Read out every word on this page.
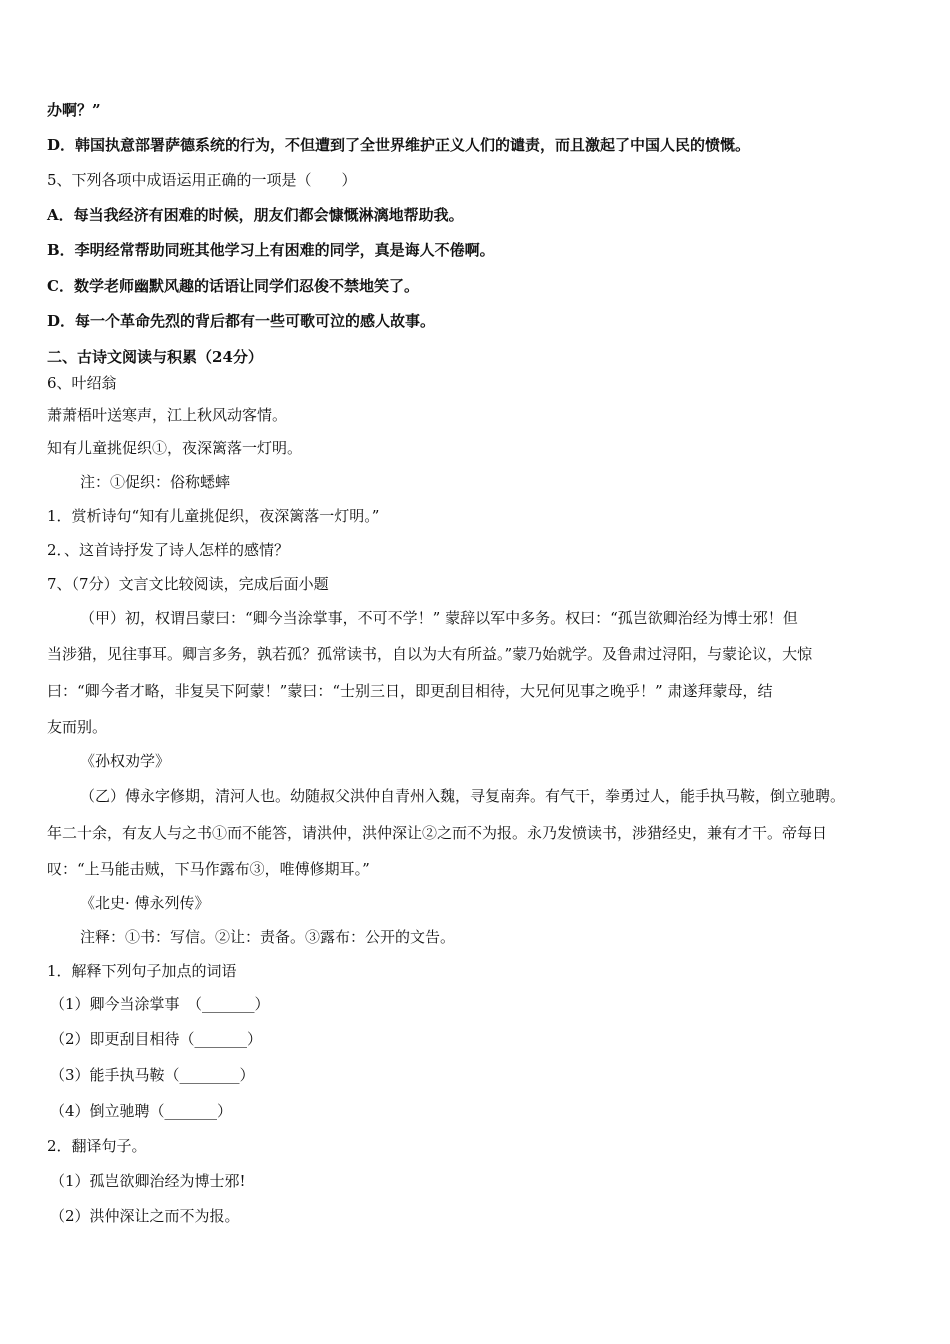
办啊？”
D．韩国执意部署萨德系统的行为，不但遭到了全世界维护正义人们的谴责，而且激起了中国人民的愤慨。
5、下列各项中成语运用正确的一项是（　　）
A．每当我经济有困难的时候，朋友们都会慷慨淋漓地帮助我。
B．李明经常帮助同班其他学习上有困难的同学，真是诲人不倦啊。
C．数学老师幽默风趣的话语让同学们忍俊不禁地笑了。
D．每一个革命先烈的背后都有一些可歌可泣的感人故事。
二、古诗文阅读与积累（24分）
6、叶绍翁
萧萧梧叶送寒声，江上秋风动客情。
知有儿童挑促织①，夜深篱落一灯明。
注：①促织：俗称蟋蟀
1．赏析诗句“知有儿童挑促织，夜深篱落一灯明。”
2．、这首诗抒发了诗人怎样的感情？
7、（7分）文言文比较阅读，完成后面小题
（甲）初，权谓吕蒙曰：“卿今当涂掌事，不可不学！” 蒙辞以军中多务。权曰：“孤岂欲卿治经为博士邪！但
当涉猎，见往事耳。卿言多务，孰若孤？孤常读书，自以为大有所益。”蒙乃始就学。及鲁肃过浔阳，与蒙论议，大惊
曰：“卿今者才略，非复吴下阿蒙！”蒙曰：“士别三日，即更刮目相待，大兄何见事之晚乎！” 肃遂拜蒙母，结
友而别。
《孙权劝学》
（乙）傅永字修期，清河人也。幼随叔父洪仲自青州入魏，寻复南奔。有气干，拳勇过人，能手执马鞍，倒立驰聘。
年二十余，有友人与之书①而不能答，请洪仲，洪仲深让②之而不为报。永乃发愤读书，涉猎经史，兼有才干。帝每日
叹：“上马能击贼，下马作露布③，唯傅修期耳。”
《北史· 傅永列传》
注释：①书：写信。②让：责备。③露布：公开的文告。
1．解释下列句子加点的词语
（1）卿今当涂掌事　（_______）
（2）即更刮目相待（_______）
（3）能手执马鞍（________）
（4）倒立驰聘（_______）
2．翻译句子。
（1）孤岂欲卿治经为博士邪!
（2）洪仲深让之而不为报。
